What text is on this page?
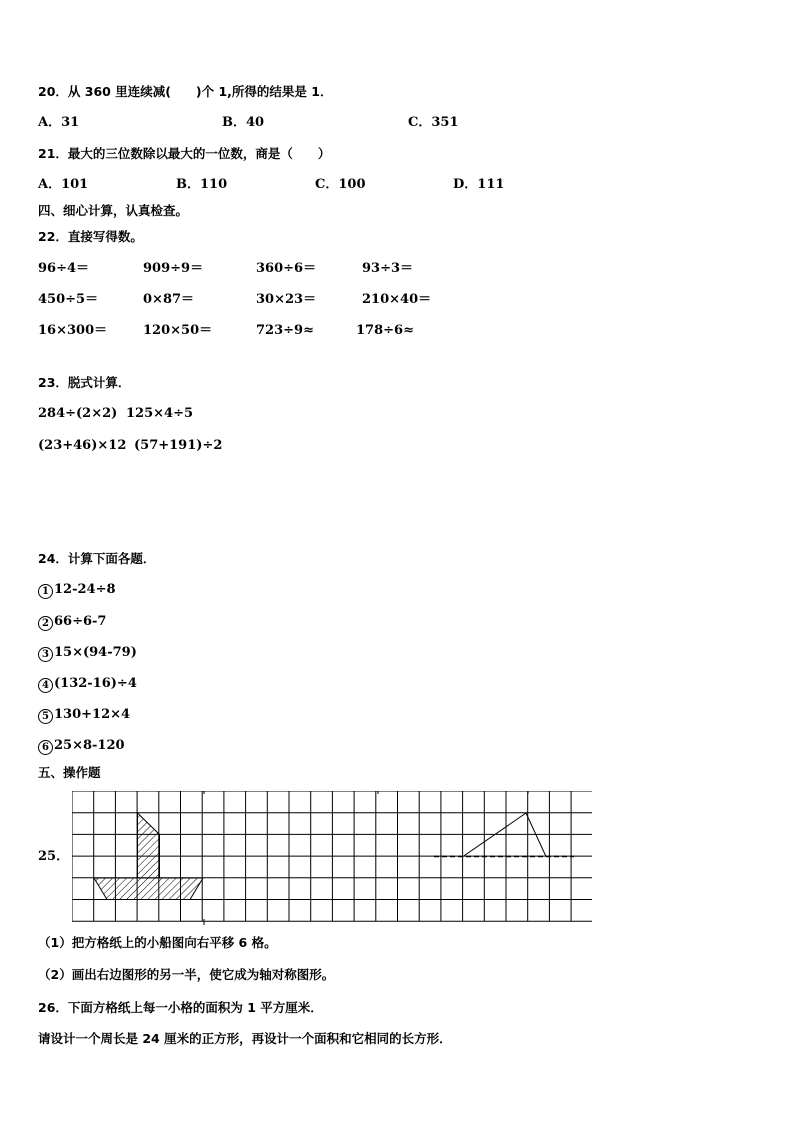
20．从 360 里连续减(　　)个 1,所得的结果是 1．
A．31	B．40	C．351
21．最大的三位数除以最大的一位数，商是（　　）
A．101	B．110	C．100	D．111
四、细心计算，认真检查。
22．直接写得数。
96÷4＝	909÷9＝	360÷6＝	93÷3＝
450÷5＝	0×87＝	30×23＝	210×40＝
16×300＝	120×50＝	723÷9≈	178÷6≈
23．脱式计算．
284÷(2×2) 125×4÷5
(23+46)×12 (57+191)÷2
24．计算下面各题．
1 12-24÷8
2 66÷6-7
3 15×(94-79)
4 (132-16)÷4
5 130+12×4
6 25×8-120
五、操作题
25．
（1）把方格纸上的小船图向右平移 6 格。
（2）画出右边图形的另一半，使它成为轴对称图形。
26．下面方格纸上每一小格的面积为 1 平方厘米．
请设计一个周长是 24 厘米的正方形，再设计一个面积和它相同的长方形．
